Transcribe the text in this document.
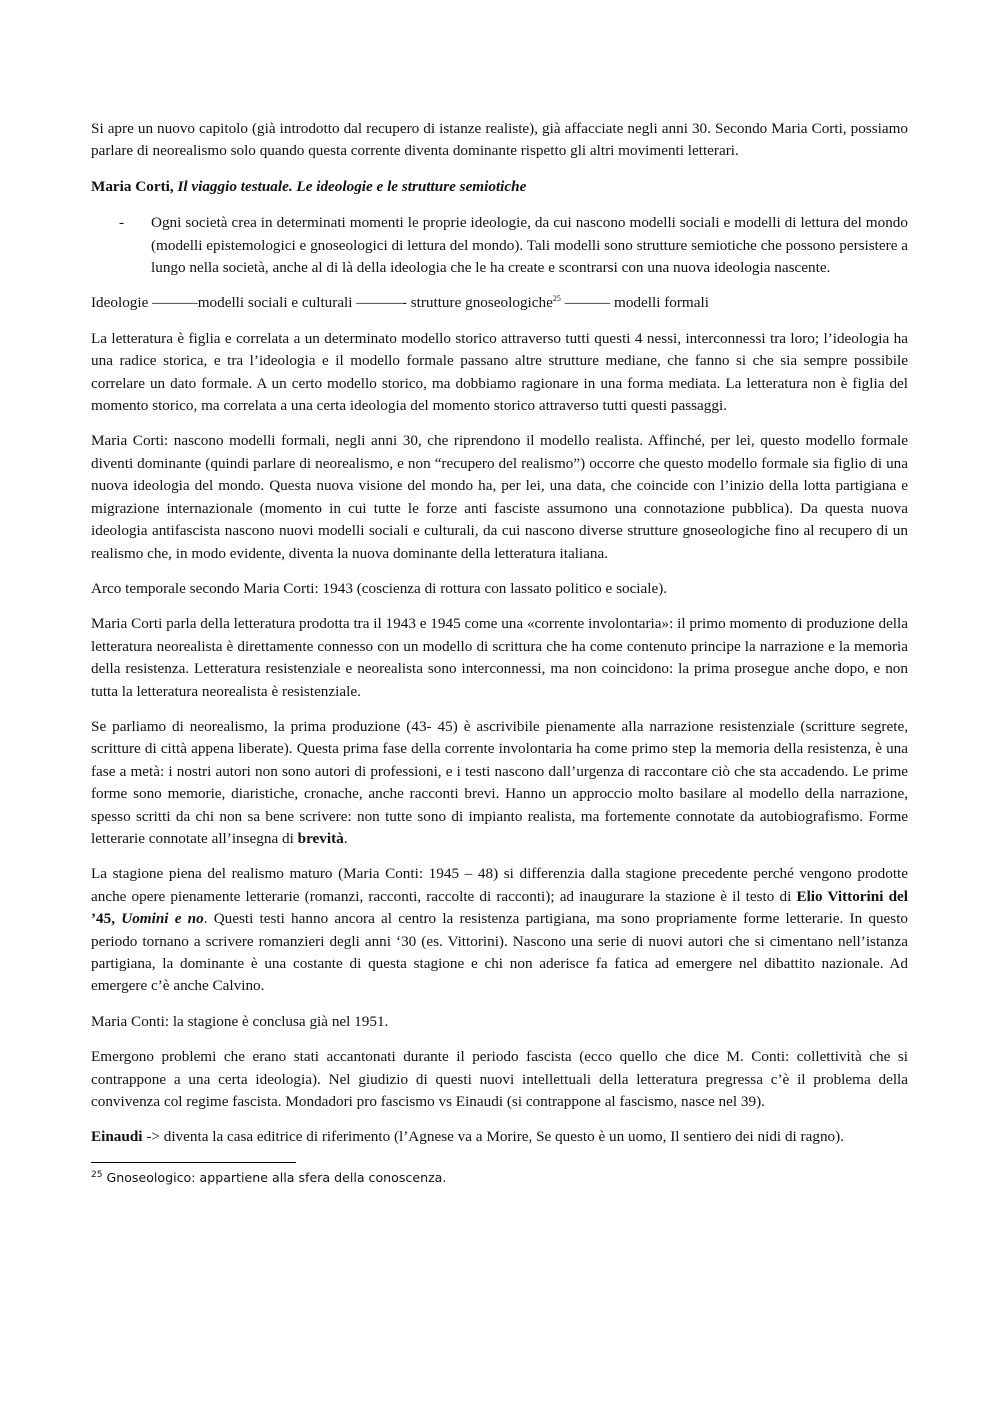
Si apre un nuovo capitolo (già introdotto dal recupero di istanze realiste), già affacciate negli anni 30. Secondo Maria Corti, possiamo parlare di neorealismo solo quando questa corrente diventa dominante rispetto gli altri movimenti letterari.

Maria Corti, Il viaggio testuale. Le ideologie e le strutture semiotiche

-	Ogni società crea in determinati momenti le proprie ideologie, da cui nascono modelli sociali e modelli di lettura del mondo (modelli epistemologici e gnoseologici di lettura del mondo). Tali modelli sono strutture semiotiche che possono persistere a lungo nella società, anche al di là della ideologia che le ha create e scontrarsi con una nuova ideologia nascente.

Ideologie ———modelli sociali e culturali ———- strutture gnoseologiche$^{25}$ ——— modelli formali

La letteratura è figlia e correlata a un determinato modello storico attraverso tutti questi 4 nessi, interconnessi tra loro; l’ideologia ha una radice storica, e tra l’ideologia e il modello formale passano altre strutture mediane, che fanno si che sia sempre possibile correlare un dato formale. A un certo modello storico, ma dobbiamo ragionare in una forma mediata. La letteratura non è figlia del momento storico, ma correlata a una certa ideologia del momento storico attraverso tutti questi passaggi.

Maria Corti: nascono modelli formali, negli anni 30, che riprendono il modello realista. Affinché, per lei, questo modello formale diventi dominante (quindi parlare di neorealismo, e non “recupero del realismo”) occorre che questo modello formale sia figlio di una nuova ideologia del mondo. Questa nuova visione del mondo ha, per lei, una data, che coincide con l’inizio della lotta partigiana e migrazione internazionale (momento in cui tutte le forze anti fasciste assumono una connotazione pubblica). Da questa nuova ideologia antifascista nascono nuovi modelli sociali e culturali, da cui nascono diverse strutture gnoseologiche fino al recupero di un realismo che, in modo evidente, diventa la nuova dominante della letteratura italiana.

Arco temporale secondo Maria Corti: 1943 (coscienza di rottura con lassato politico e sociale).

Maria Corti parla della letteratura prodotta tra il 1943 e 1945 come una «corrente involontaria»: il primo momento di produzione della letteratura neorealista è direttamente connesso con un modello di scrittura che ha come contenuto principe la narrazione e la memoria della resistenza. Letteratura resistenziale e neorealista sono interconnessi, ma non coincidono: la prima prosegue anche dopo, e non tutta la letteratura neorealista è resistenziale.

Se parliamo di neorealismo, la prima produzione (43- 45) è ascrivibile pienamente alla narrazione resistenziale (scritture segrete, scritture di città appena liberate). Questa prima fase della corrente involontaria ha come primo step la memoria della resistenza, è una fase a metà: i nostri autori non sono autori di professioni, e i testi nascono dall’urgenza di raccontare ciò che sta accadendo. Le prime forme sono memorie, diaristiche, cronache, anche racconti brevi. Hanno un approccio molto basilare al modello della narrazione, spesso scritti da chi non sa bene scrivere: non tutte sono di impianto realista, ma fortemente connotate da autobiografismo. Forme letterarie connotate all’insegna di brevità.

La stagione piena del realismo maturo (Maria Conti: 1945 – 48) si differenzia dalla stagione precedente perché vengono prodotte anche opere pienamente letterarie (romanzi, racconti, raccolte di racconti); ad inaugurare la stazione è il testo di Elio Vittorini del ’45, Uomini e no. Questi testi hanno ancora al centro la resistenza partigiana, ma sono propriamente forme letterarie. In questo periodo tornano a scrivere romanzieri degli anni ‘30 (es. Vittorini). Nascono una serie di nuovi autori che si cimentano nell’istanza partigiana, la dominante è una costante di questa stagione e chi non aderisce fa fatica ad emergere nel dibattito nazionale. Ad emergere c’è anche Calvino.

Maria Conti: la stagione è conclusa già nel 1951.

Emergono problemi che erano stati accantonati durante il periodo fascista (ecco quello che dice M. Conti: collettività che si contrappone a una certa ideologia). Nel giudizio di questi nuovi intellettuali della letteratura pregressa c’è il problema della convivenza col regime fascista. Mondadori pro fascismo vs Einaudi (si contrappone al fascismo, nasce nel 39).

Einaudi -> diventa la casa editrice di riferimento (l’Agnese va a Morire, Se questo è un uomo, Il sentiero dei nidi di ragno).

$^{25}$ Gnoseologico: appartiene alla sfera della conoscenza.
